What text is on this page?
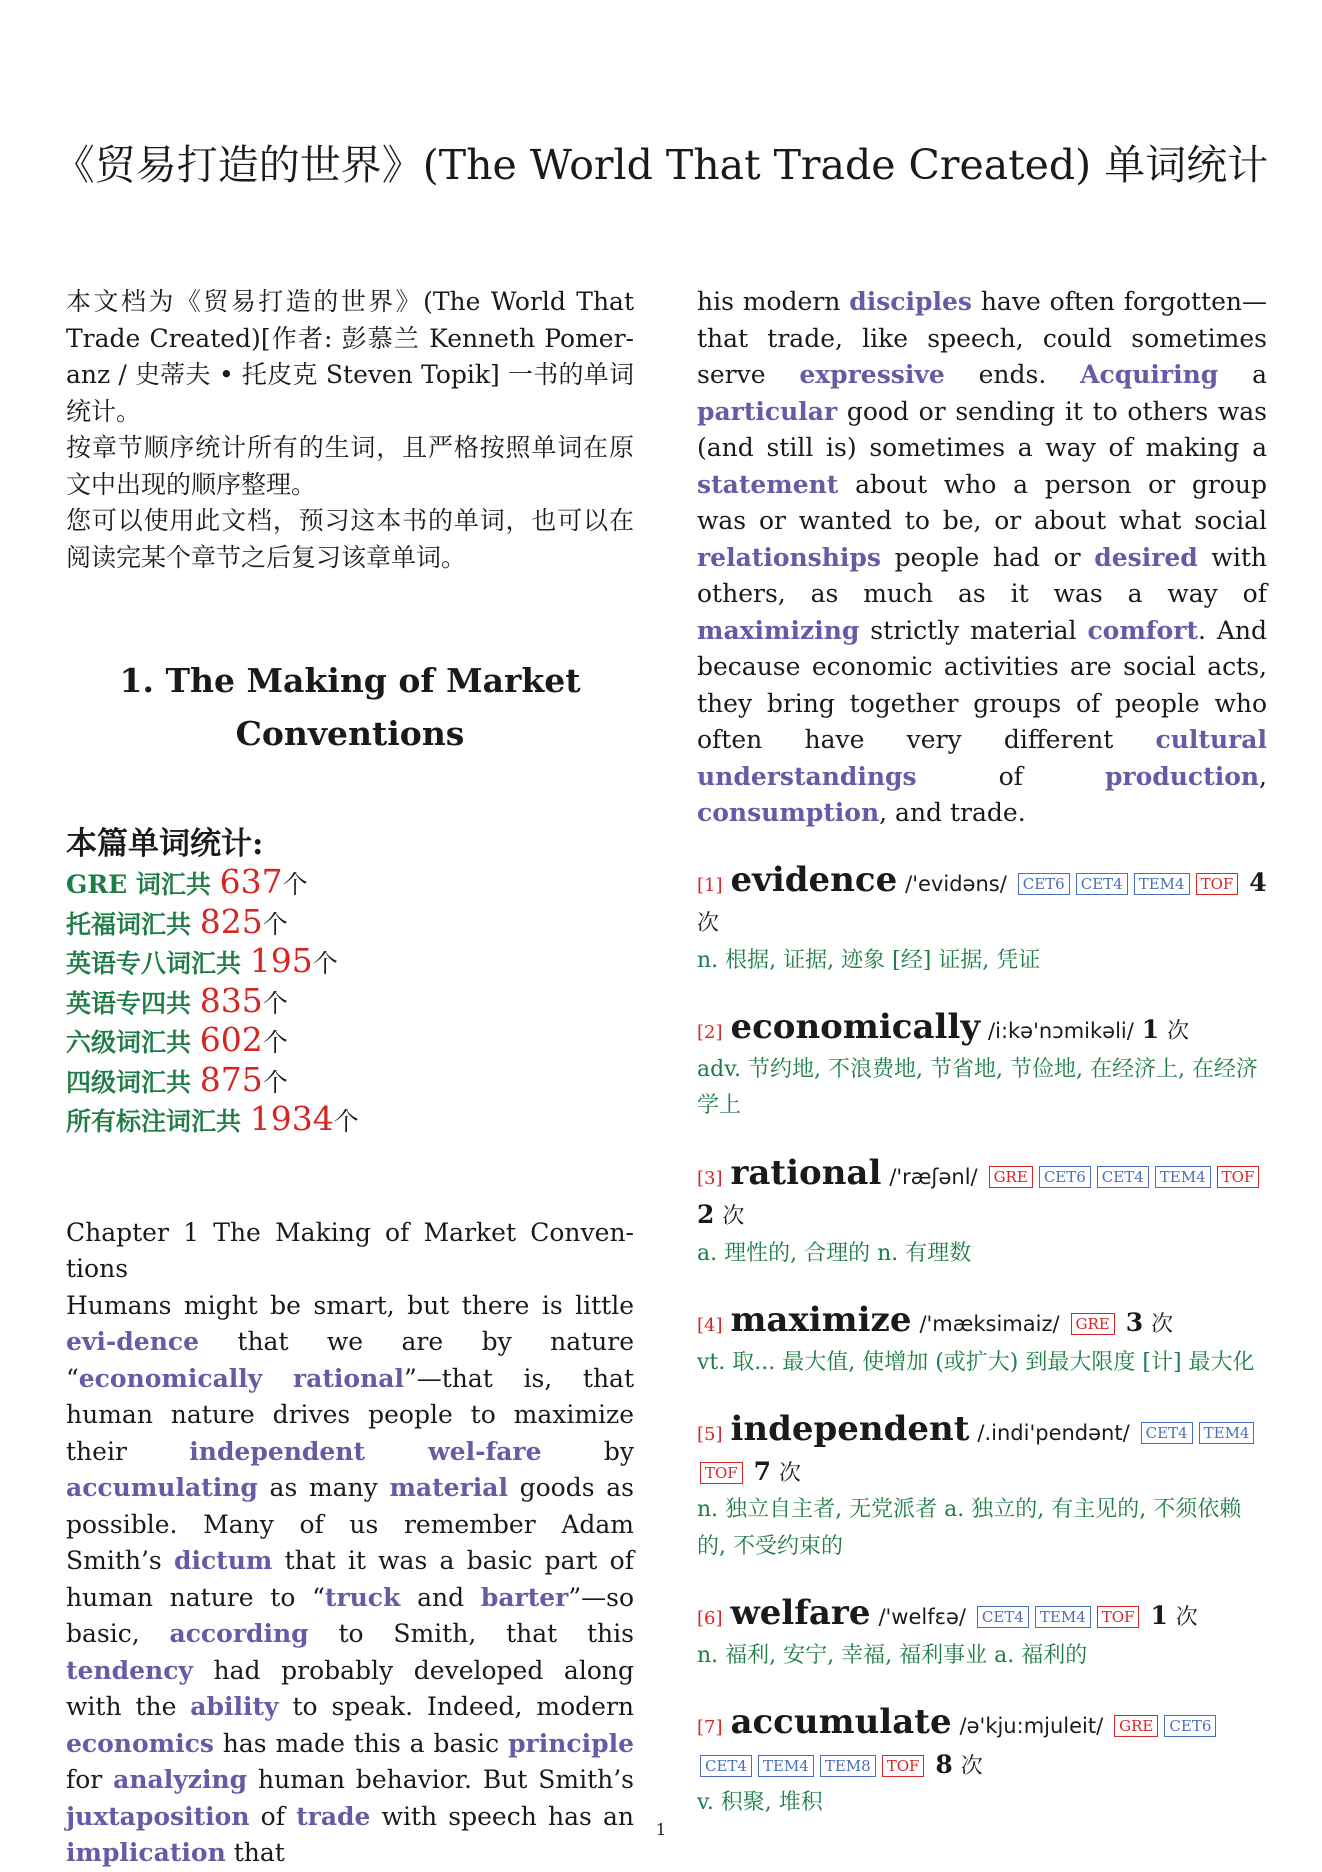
《贸易打造的世界》(The World That Trade Created) 单词统计

本文档为《贸易打造的世界》(The World That Trade Created)[作者: 彭慕兰 Kenneth Pomer-anz / 史蒂夫 • 托皮克 Steven Topik] 一书的单词统计。

按章节顺序统计所有的生词，且严格按照单词在原文中出现的顺序整理。

您可以使用此文档，预习这本书的单词，也可以在阅读完某个章节之后复习该章单词。

1. The Making of Market
Conventions
本篇单词统计:
GRE 词汇共 637个
托福词汇共 825个
英语专八词汇共 195个
英语专四共 835个
六级词汇共 602个
四级词汇共 875个
所有标注词汇共 1934个
Chapter 1 The Making of Market Conven-tions

Humans might be smart, but there is little evi-dence that we are by nature “economically rational”—that is, that human nature drives people to maximize their independent wel-fare by accumulating as many material goods as possible. Many of us remember Adam Smith’s dictum that it was a basic part of human nature to “truck and barter”—so basic, according to Smith, that this tendency had probably developed along with the ability to speak. Indeed, modern economics has made this a basic principle for analyzing human behavior. But Smith’s juxtaposition of trade with speech has an implication that

his modern disciples have often forgotten—that trade, like speech, could sometimes serve expressive ends. Acquiring a particular good or sending it to others was (and still is) sometimes a way of making a statement about who a person or group was or wanted to be, or about what social relationships people had or desired with others, as much as it was a way of maximizing strictly material comfort. And because economic activities are social acts, they bring together groups of people who often have very different cultural understandings of production, consumption, and trade.

[1] evidence /'evidəns/ CET6 CET4 TEM4 TOF 4 次
n. 根据, 证据, 迹象 [经] 证据, 凭证
[2] economically /i:kə'nɔmikəli/ 1 次
adv. 节约地, 不浪费地, 节省地, 节俭地, 在经济上, 在经济学上
[3] rational /'ræʃənl/ GRE CET6 CET4 TEM4 TOF 2 次
a. 理性的, 合理的 n. 有理数
[4] maximize /'mæksimaiz/ GRE 3 次
vt. 取... 最大值, 使增加 (或扩大) 到最大限度 [计] 最大化
[5] independent /.indi'pendənt/ CET4 TEM4TOF 7 次
n. 独立自主者, 无党派者 a. 独立的, 有主见的, 不须依赖的, 不受约束的
[6] welfare /'welfɛə/ CET4 TEM4 TOF 1 次
n. 福利, 安宁, 幸福, 福利事业 a. 福利的
[7] accumulate /ə'kju:mjuleit/ GRE CET6CET4 TEM4 TEM8 TOF 8 次
v. 积聚, 堆积
1
